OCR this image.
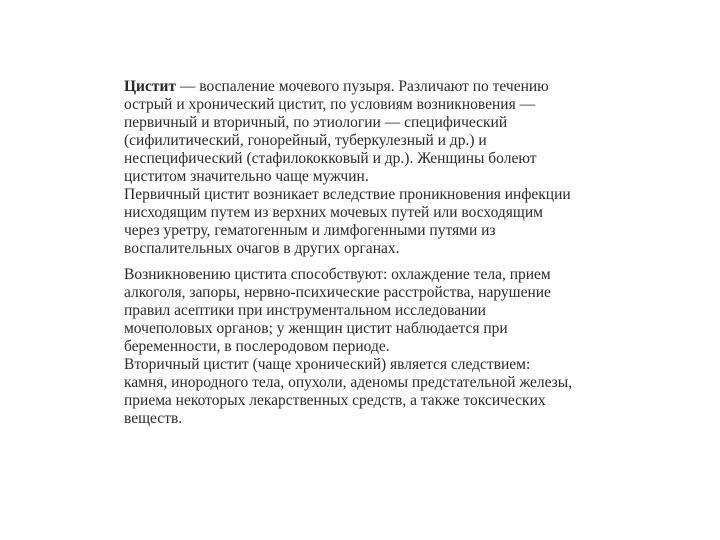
Цистит — воспаление мочевого пузыря. Различают по течению
острый и хронический цистит, по условиям возникновения —
первичный и вторичный, по этиологии — специфический
(сифилитический, гонорейный, туберкулезный и др.) и
неспецифический (стафилококковый и др.). Женщины болеют
циститом значительно чаще мужчин.
Первичный цистит возникает вследствие проникновения инфекции
нисходящим путем из верхних мочевых путей или восходящим
через уретру, гематогенным и лимфогенными путями из
воспалительных очагов в других органах.
Возникновению цистита способствуют: охлаждение тела, прием
алкоголя, запоры, нервно-психические расстройства, нарушение
правил асептики при инструментальном исследовании
мочеполовых органов; у женщин цистит наблюдается при
беременности, в послеродовом периоде.
Вторичный цистит (чаще хронический) является следствием:
камня, инородного тела, опухоли, аденомы предстательной железы,
приема некоторых лекарственных средств, а также токсических
веществ.
